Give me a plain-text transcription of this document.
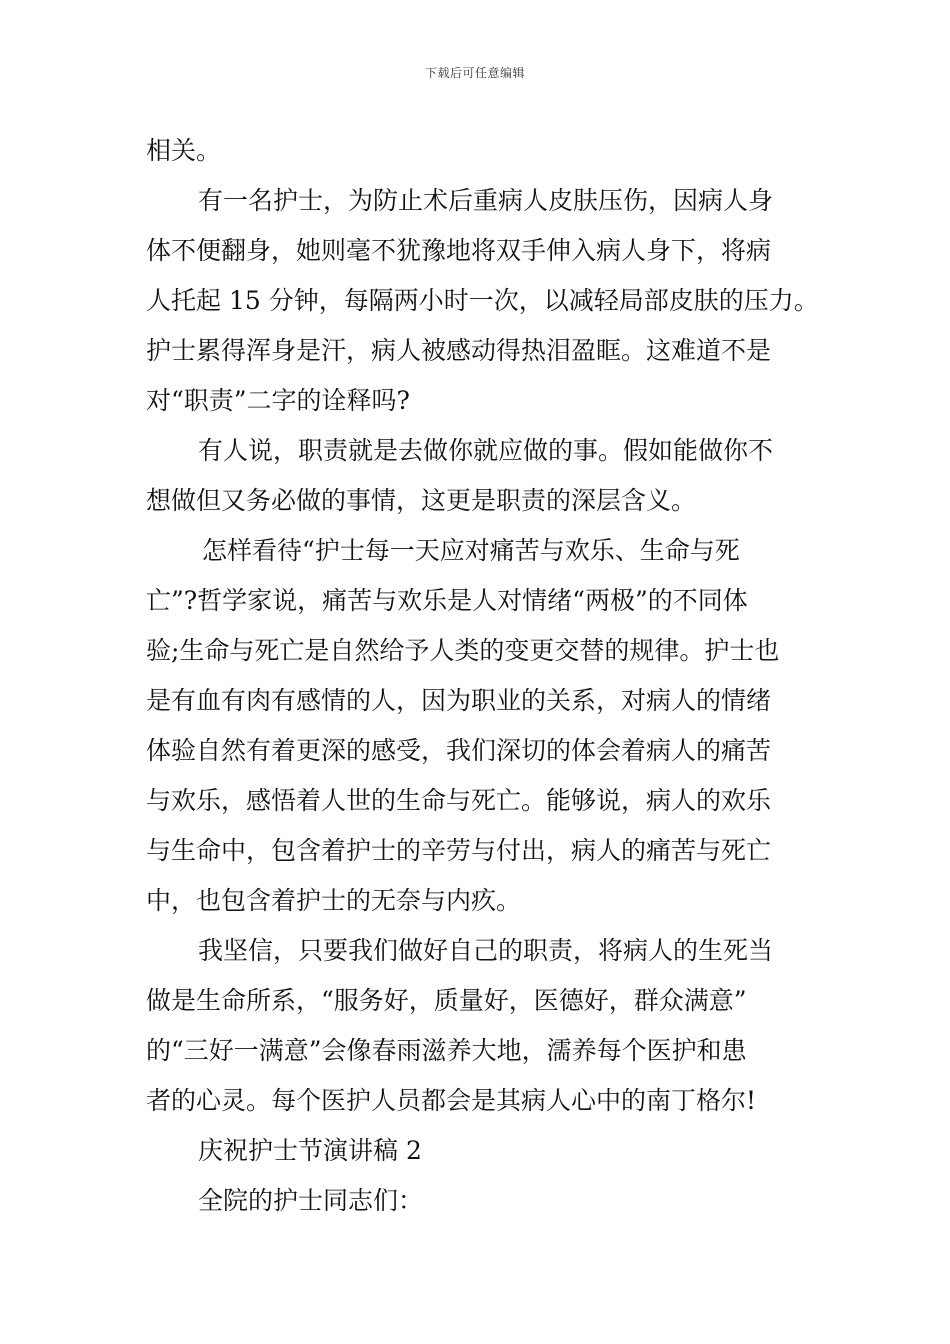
下载后可任意编辑
相关。
有一名护士，为防止术后重病人皮肤压伤，因病人身
体不便翻身，她则毫不犹豫地将双手伸入病人身下，将病
人托起 15 分钟，每隔两小时一次，以减轻局部皮肤的压力。
护士累得浑身是汗，病人被感动得热泪盈眶。这难道不是
对“职责”二字的诠释吗?
有人说，职责就是去做你就应做的事。假如能做你不
想做但又务必做的事情，这更是职责的深层含义。
怎样看待“护士每一天应对痛苦与欢乐、生命与死
亡”?哲学家说，痛苦与欢乐是人对情绪“两极”的不同体
验;生命与死亡是自然给予人类的变更交替的规律。护士也
是有血有肉有感情的人，因为职业的关系，对病人的情绪
体验自然有着更深的感受，我们深切的体会着病人的痛苦
与欢乐，感悟着人世的生命与死亡。能够说，病人的欢乐
与生命中，包含着护士的辛劳与付出，病人的痛苦与死亡
中，也包含着护士的无奈与内疚。
我坚信，只要我们做好自己的职责，将病人的生死当
做是生命所系，“服务好，质量好，医德好，群众满意”
的“三好一满意”会像春雨滋养大地，濡养每个医护和患
者的心灵。每个医护人员都会是其病人心中的南丁格尔!
庆祝护士节演讲稿 2
全院的护士同志们：
